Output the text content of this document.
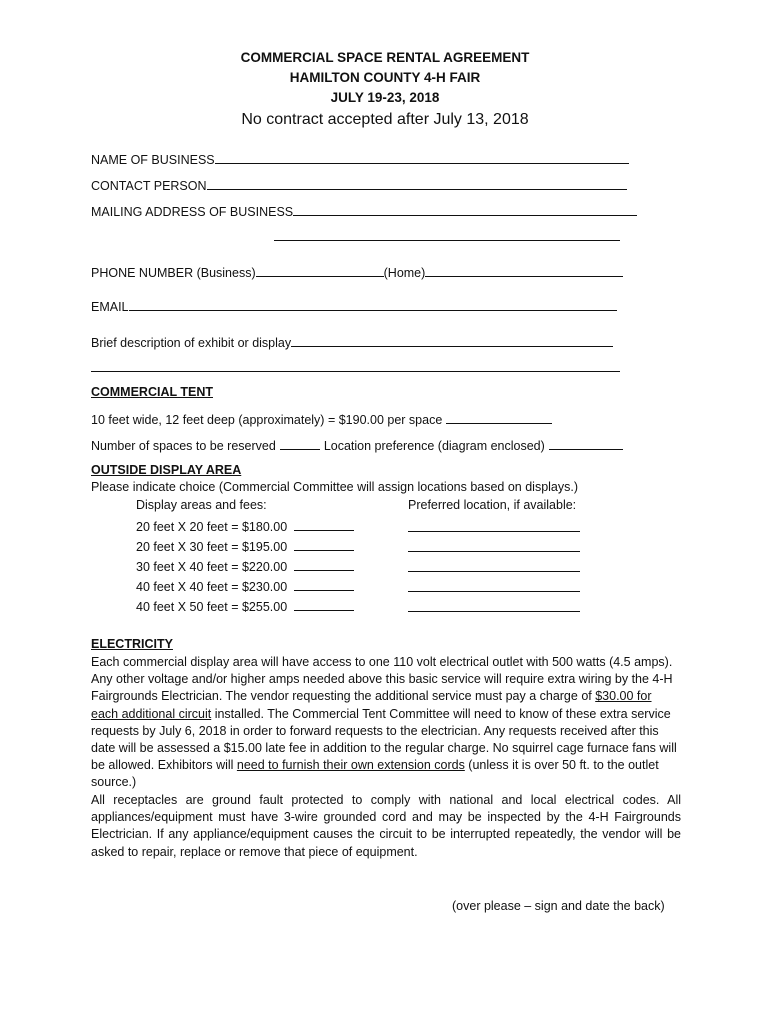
COMMERCIAL SPACE RENTAL AGREEMENT
HAMILTON COUNTY 4-H FAIR
JULY 19-23, 2018
No contract accepted after July 13, 2018
NAME OF BUSINESS
CONTACT PERSON
MAILING ADDRESS OF BUSINESS
PHONE NUMBER (Business)	(Home)
EMAIL
Brief description of exhibit or display
COMMERCIAL TENT
10 feet wide, 12 feet deep (approximately) = $190.00 per space
Number of spaces to be reserved	Location preference (diagram enclosed)
OUTSIDE DISPLAY AREA
Please indicate choice (Commercial Committee will assign locations based on displays.)
Display areas and fees:	Preferred location, if available:
20 feet X 20 feet = $180.00
20 feet X 30 feet = $195.00
30 feet X 40 feet = $220.00
40 feet X 40 feet = $230.00
40 feet X 50 feet = $255.00
ELECTRICITY
Each commercial display area will have access to one 110 volt electrical outlet with 500 watts (4.5 amps). Any other voltage and/or higher amps needed above this basic service will require extra wiring by the 4-H Fairgrounds Electrician. The vendor requesting the additional service must pay a charge of $30.00 for each additional circuit installed. The Commercial Tent Committee will need to know of these extra service requests by July 6, 2018 in order to forward requests to the electrician. Any requests received after this date will be assessed a $15.00 late fee in addition to the regular charge. No squirrel cage furnace fans will be allowed. Exhibitors will need to furnish their own extension cords (unless it is over 50 ft. to the outlet source.)
All receptacles are ground fault protected to comply with national and local electrical codes. All appliances/equipment must have 3-wire grounded cord and may be inspected by the 4-H Fairgrounds Electrician. If any appliance/equipment causes the circuit to be interrupted repeatedly, the vendor will be asked to repair, replace or remove that piece of equipment.
(over please – sign and date the back)
